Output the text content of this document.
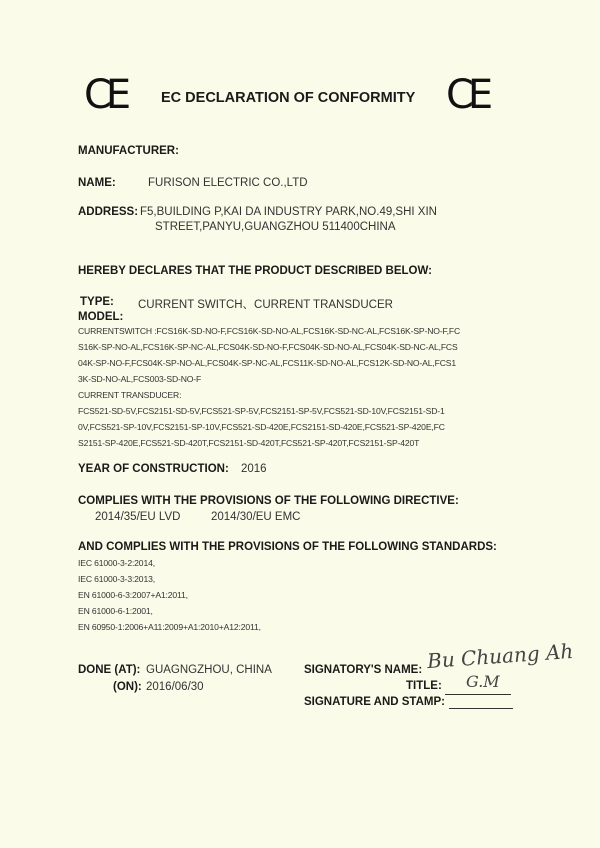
CE EC DECLARATION OF CONFORMITY CE
MANUFACTURER:
NAME:	FURISON ELECTRIC CO.,LTD
ADDRESS: F5,BUILDING P,KAI DA INDUSTRY PARK,NO.49,SHI XIN
STREET,PANYU,GUANGZHOU 511400CHINA
HEREBY DECLARES THAT THE PRODUCT DESCRIBED BELOW:
TYPE: CURRENT SWITCH、CURRENT TRANSDUCER
MODEL:
CURRENTSWITCH :FCS16K-SD-NO-F,FCS16K-SD-NO-AL,FCS16K-SD-NC-AL,FCS16K-SP-NO-F,FC
S16K-SP-NO-AL,FCS16K-SP-NC-AL,FCS04K-SD-NO-F,FCS04K-SD-NO-AL,FCS04K-SD-NC-AL,FCS
04K-SP-NO-F,FCS04K-SP-NO-AL,FCS04K-SP-NC-AL,FCS11K-SD-NO-AL,FCS12K-SD-NO-AL,FCS1
3K-SD-NO-AL,FCS003-SD-NO-F
CURRENT TRANSDUCER:
FCS521-SD-5V,FCS2151-SD-5V,FCS521-SP-5V,FCS2151-SP-5V,FCS521-SD-10V,FCS2151-SD-1
0V,FCS521-SP-10V,FCS2151-SP-10V,FCS521-SD-420E,FCS2151-SD-420E,FCS521-SP-420E,FC
S2151-SP-420E,FCS521-SD-420T,FCS2151-SD-420T,FCS521-SP-420T,FCS2151-SP-420T
YEAR OF CONSTRUCTION: 2016
COMPLIES WITH THE PROVISIONS OF THE FOLLOWING DIRECTIVE:
2014/35/EU LVD	2014/30/EU EMC
AND COMPLIES WITH THE PROVISIONS OF THE FOLLOWING STANDARDS:
IEC 61000-3-2:2014,
IEC 61000-3-3:2013,
EN 61000-6-3:2007+A1:2011,
EN 61000-6-1:2001,
EN 60950-1:2006+A11:2009+A1:2010+A12:2011,
DONE (AT): GUAGNGZHOU, CHINA
(ON): 2016/06/30
SIGNATORY'S NAME: Bu Chuang Ah
TITLE: G.M
SIGNATURE AND STAMP:
